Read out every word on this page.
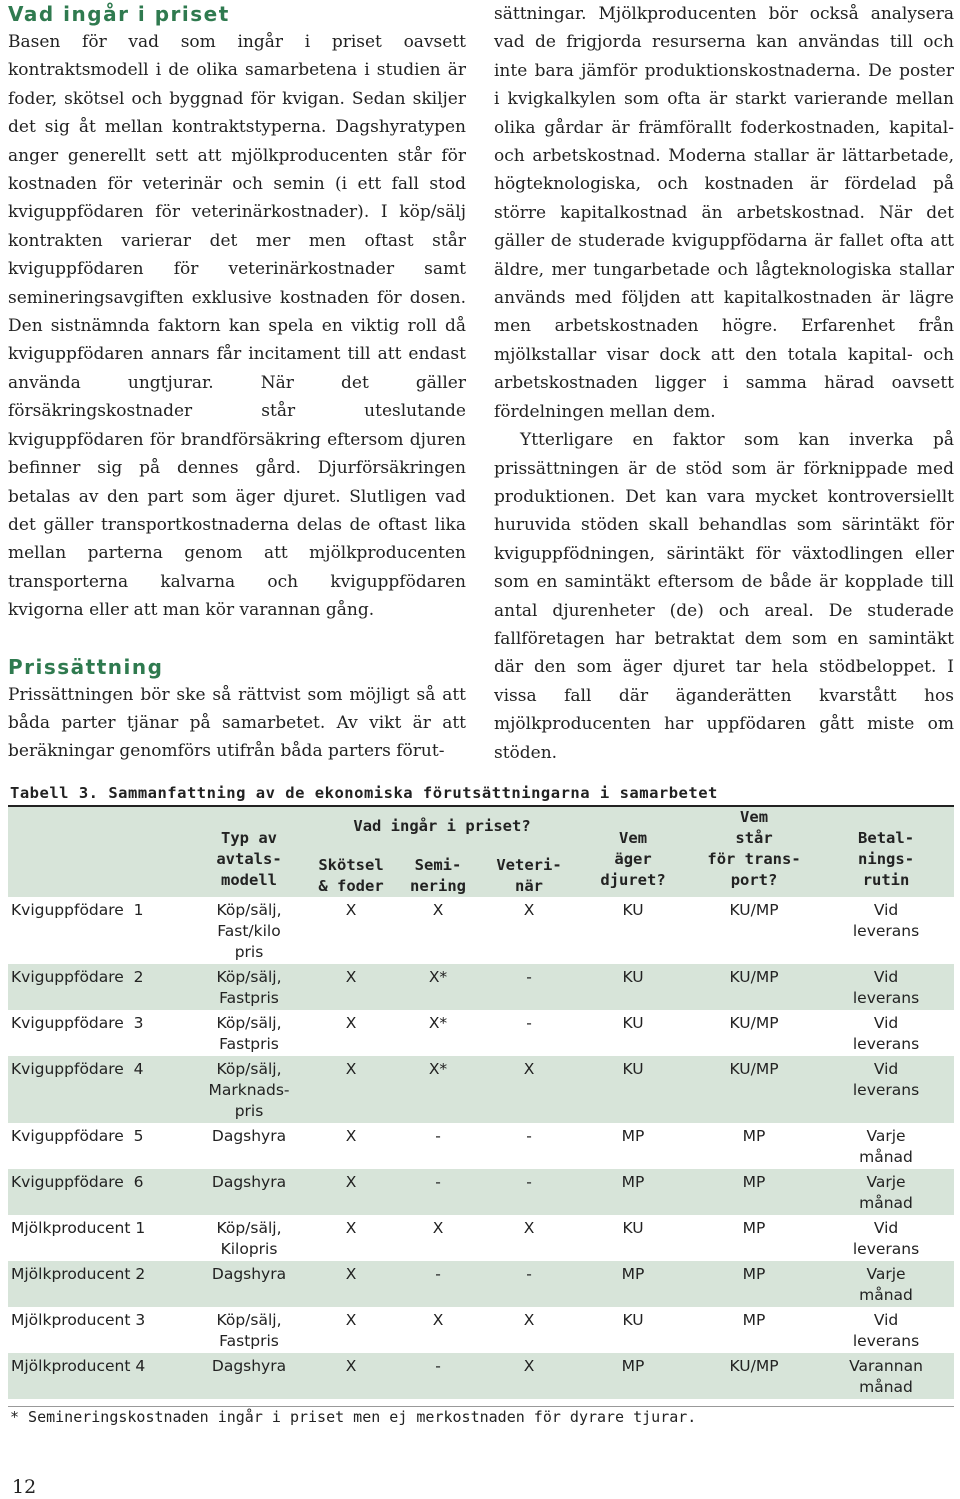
Vad ingår i priset

Basen för vad som ingår i priset oavsett kontraktsmodell i de olika samarbetena i studien är foder, skötsel och byggnad för kvigan. Sedan skiljer det sig åt mellan kontraktstyperna. Dagshyratypen anger generellt sett att mjölkproducenten står för kostnaden för veterinär och semin (i ett fall stod kviguppfödaren för veterinärkostnader). I köp/sälj kontrakten varierar det mer men oftast står kviguppfödaren för veterinärkostnader samt semineringsavgiften exklusive kostnaden för dosen. Den sistnämnda faktorn kan spela en viktig roll då kviguppfödaren annars får incitament till att endast använda ungtjurar. När det gäller försäkringskostnader står uteslutande kviguppfödaren för brandförsäkring eftersom djuren befinner sig på dennes gård. Djurförsäkringen betalas av den part som äger djuret. Slutligen vad det gäller transportkostnaderna delas de oftast lika mellan parterna genom att mjölkproducenten transporterna kalvarna och kviguppfödaren kvigorna eller att man kör varannan gång.

Prissättning

Prissättningen bör ske så rättvist som möjligt så att båda parter tjänar på samarbetet. Av vikt är att beräkningar genomförs utifrån båda parters förut-

sättningar. Mjölkproducenten bör också analysera vad de frigjorda resurserna kan användas till och inte bara jämför produktionskostnaderna. De poster i kvigkalkylen som ofta är starkt varierande mellan olika gårdar är främförallt foderkostnaden, kapital- och arbetskostnad. Moderna stallar är lättarbetade, högteknologiska, och kostnaden är fördelad på större kapitalkostnad än arbetskostnad. När det gäller de studerade kviguppfödarna är fallet ofta att äldre, mer tungarbetade och lågteknologiska stallar används med följden att kapitalkostnaden är lägre men arbetskostnaden högre. Erfarenhet från mjölkstallar visar dock att den totala kapital- och arbetskostnaden ligger i samma härad oavsett fördelningen mellan dem.

Ytterligare en faktor som kan inverka på prissättningen är de stöd som är förknippade med produktionen. Det kan vara mycket kontroversiellt huruvida stöden skall behandlas som särintäkt för kviguppfödningen, särintäkt för växtodlingen eller som en samintäkt eftersom de både är kopplade till antal djurenheter (de) och areal. De studerade fallföretagen har betraktat dem som en samintäkt där den som äger djuret tar hela stödbeloppet. I vissa fall där äganderätten kvarstått hos mjölkproducenten har uppfödaren gått miste om stöden.

Tabell 3. Sammanfattning av de ekonomiska förutsättningarna i samarbetet

	Typ av
avtals-
modell	Vad ingår i priset?			Vem
äger
djuret?	Vem
står
för trans-
port?	Betal-
nings-
rutin

		Skötsel
& foder	Semi-
nering	Veteri-
när			

Kviguppfödare  1	Köp/sälj,
Fast/kilo
pris	X	X	X	KU	KU/MP	Vid
leverans

Kviguppfödare  2	Köp/sälj,
Fastpris	X	X*	-	KU	KU/MP	Vid
leverans

Kviguppfödare  3	Köp/sälj,
Fastpris	X	X*	-	KU	KU/MP	Vid
leverans

Kviguppfödare  4	Köp/sälj,
Marknads-
pris	X	X*	X	KU	KU/MP	Vid
leverans

Kviguppfödare  5	Dagshyra	X	-	-	MP	MP	Varje
månad

Kviguppfödare  6	Dagshyra	X	-	-	MP	MP	Varje
månad

Mjölkproducent 1	Köp/sälj,
Kilopris	X	X	X	KU	MP	Vid
leverans

Mjölkproducent 2	Dagshyra	X	-	-	MP	MP	Varje
månad

Mjölkproducent 3	Köp/sälj,
Fastpris	X	X	X	KU	MP	Vid
leverans

Mjölkproducent 4	Dagshyra	X	-	X	MP	KU/MP	Varannan
månad
* Semineringskostnaden ingår i priset men ej merkostnaden för dyrare tjurar.
12
